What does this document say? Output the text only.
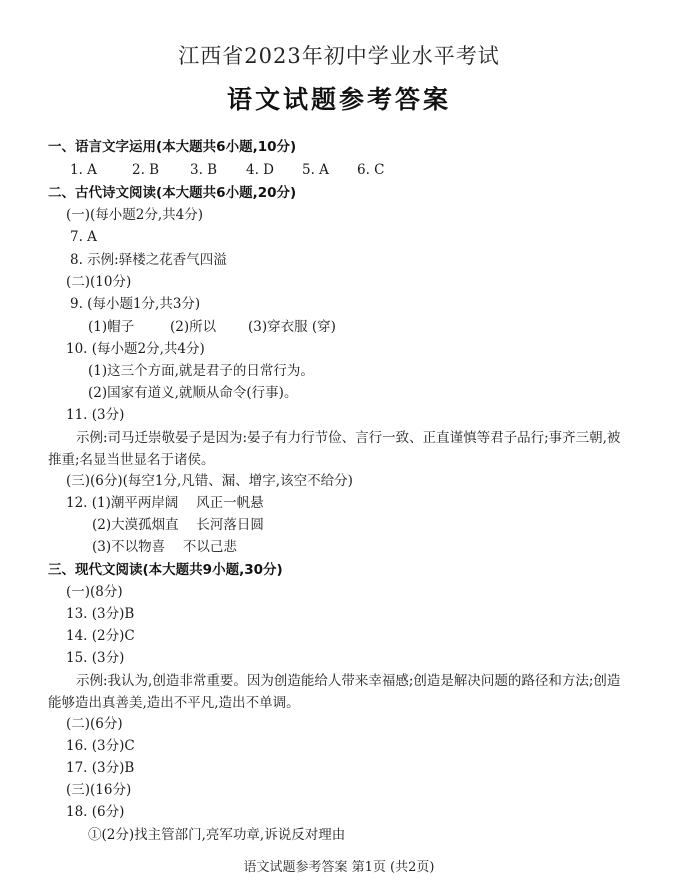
江西省2023年初中学业水平考试
语文试题参考答案
一、语言文字运用(本大题共6小题,10分)
1. A	2. B 3. B 4. D 5. A 6. C
二、古代诗文阅读(本大题共6小题,20分)
(一)(每小题2分,共4分)
7. A
8. 示例:驿楼之花香气四溢
(二)(10分)
9. (每小题1分,共3分)
(1)帽子	(2)所以 (3)穿衣服 (穿)
10. (每小题2分,共4分)
(1)这三个方面,就是君子的日常行为。
(2)国家有道义,就顺从命令(行事)。
11. (3分)
示例:司马迁崇敬晏子是因为:晏子有力行节俭、言行一致、正直谨慎等君子品行;事齐三朝,被推重;名显当世显名于诸侯。
(三)(6分)(每空1分,凡错、漏、增字,该空不给分)
12. (1)潮平两岸阔　 风正一帆悬
(2)大漠孤烟直　 长河落日圆
(3)不以物喜　 不以己悲
三、现代文阅读(本大题共9小题,30分)
(一)(8分)
13. (3分)B
14. (2分)C
15. (3分)
示例:我认为,创造非常重要。因为创造能给人带来幸福感;创造是解决问题的路径和方法;创造能够造出真善美,造出不平凡,造出不单调。
(二)(6分)
16. (3分)C
17. (3分)B
(三)(16分)
18. (6分)
①(2分)找主管部门,亮军功章,诉说反对理由
语文试题参考答案 第1页 (共2页)
